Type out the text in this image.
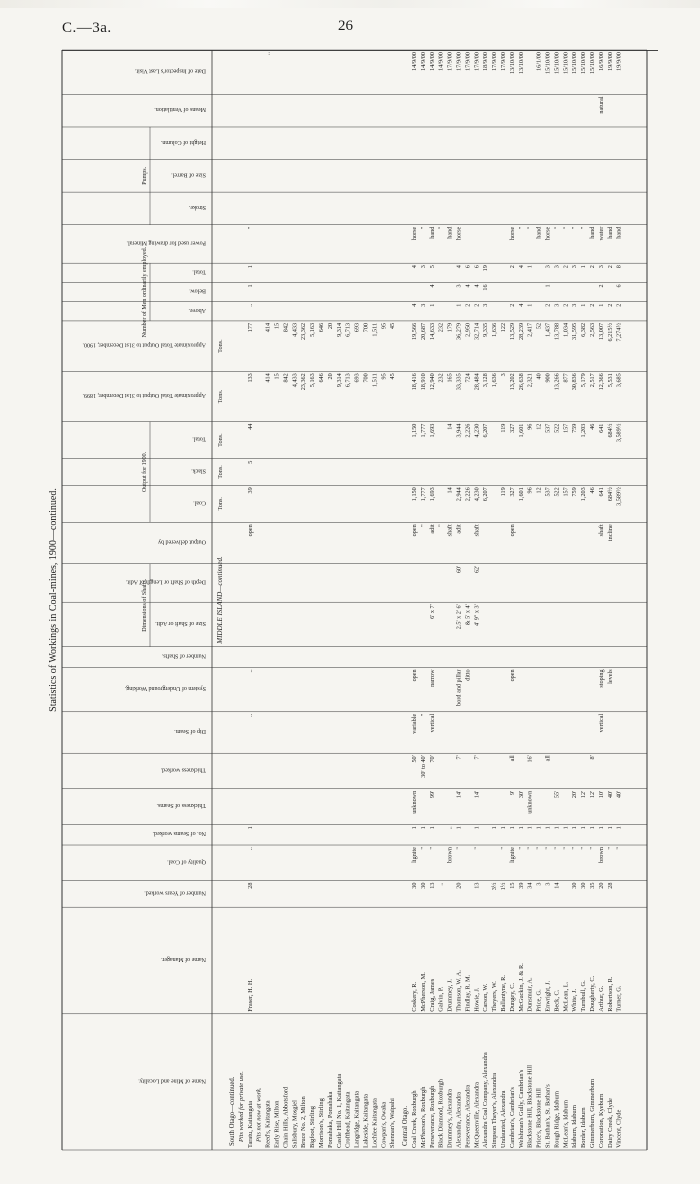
C.—3a.	26
Statistics of Workings in Coal-mines, 1900—continued.
Name of Mine and Locality.
Name of Manager.
Number of Years worked.
Quality of Coal.
No. of Seams worked.
Thickness of Seams.
Thickness worked.
Dip of Seam.
System of Underground Working.
Number of Shafts.
Size of Shaft or Adit.
Depth of Shaft or Length of Adit.
Output delivered by
Coal.
Slack.
Total.
Approximate Total Output to 31st December, 1899.
Approximate Total Output to 31st December, 1900.
Above.
Below.
Total.
Power used for drawing Mineral.
Stroke.
Size of Barrel.
Height of Column.
Means of Ventilation.
Date of Inspector's Last Visit.
Dimensions of Shafts.
Output for 1900.
Number of Men ordinarily employed.
Pumps.
Tons.
Tons.
Tons.
Tons.
Tons.
MIDDLE ISLAND—continued.
South Otago—continued. Pits worked for private use. Taratu, Kaitangata
Fraser, H. H.
28
..
1
..
..
open
39
5
44
133
177
..
1
1
"
Pits not now at work. Reed's, Kaitangata
414
414
..
Early Rise, Milton
15
15
Chain Hills, Abbotsford
842
842
Salisbury, Mosgiel
4,433
4,433
Bruce No. 2, Milton
23,362
23,362
Bigfoot, Stirling
5,163
5,163
Morrison's, Stirling
646
646
Pomahaka, Pomahaka
20
20
Castle Hill No. 1, Kaitangata
9,314
9,314
Croftbead, Kaitangata
6,713
6,713
Langridge, Kaitangata
693
693
Lakeside, Kaitangata
700
700
Lochlee Kaitangata
1,511
1,511
Cowpan's, Owaka
95
95
Shennan's, Waipahi
45
45
Central Otago. Coal Creek, Roxburgh
Coskery, R.
30
lignite
1
unknown
50'
variable
open
open
1,150
1,150
18,416
19,566
4
4
horse
14/9/00
McPherson's, Roxburgh
McPherson, M.
30
"
1
30' to 40'
"
"
1,777
1,777
18,910
20,687
3
3
"
14/9/00
Perseverance, Roxburgh
Craig, James
13
"
1
99'
70'
vertical
narrow
6' x 7'
adit
1,693
1,693
12,940
14,633
1
4
5
hand
14/9/00
Black Diamond, Roxburgh
Galvin, P.
..
"
232
232
"
14/9/00
Drummey's, Alexandra
Drummey, J.
brown
..
shaft
14
14
165
179
hand
17/9/00
Alexandra, Alexandra
Thomson, W. A.
20
"
1
14'
7'
bord and pillar
2.5' x 2' 6'
60'
adit
2,944
3,944
33,335
36,279
1
3
4
horse
17/9/00
Perseverance, Alexandra
Findlay, R. M.
ditto
& 5' x 4'
2,226
2,226
724
2,950
2
4
6
17/9/00
McQueenville, Alexandra
Howie, J.
13
"
1
14'
7'
4' 9" x 3'
62'
shaft
4,230
4,230
28,484
32,714
2
4
6
17/9/00
Alexandra Coal Company, Alexandra
Carson, W.
6,207
6,207
3,128
9,335
3
16
19
18/9/00
Simpson Theyer's, Alexandra
Theyers, W.
3½
1
1,636
1,636
17/9/00
Undaunted, Alexandra
Ballantyne, R.
1½
"
1
119
119
3
122
17/9/00
Cambrian's, Cambrian's
Dungey, C.
15
lignite
1
9'
all
open
open
327
327
13,202
13,529
2
2
horse
13/10/00
Welshman's Gully, Cambrian's
McGuckin, J. & R.
39
"
1
30'
1,601
1,601
26,638
28,239
4
4
"
13/10/00
Blackstone Hill, Blackstone Hill
Dunsmuir, A.
34
"
1
unknown
16'
96
96
2,321
2,417
1
1
"
Price's, Blackstone Hill
Price, G.
3
"
1
12
12
40
52
hand
16/1/00
St. Bathan's, St. Bathan's
Enwright, J.
3
"
1
all
537
537
900
1,437
2
1
3
horse
15/10/00
Rough Ridge, Idaburn
Beck, C.
14
"
1
55'
522
522
13,266
13,788
3
3
"
15/10/00
McLean's, Idaburn
McLean, L.
"
1
157
157
877
1,034
2
2
"
15/10/00
Idaburn, Idaburn
White, J.
30
"
1
20'
759
759
30,836
31,595
3
3
"
15/10/00
Border, Idaburn
Turnbull, G.
30
"
1
12'
1,203
1,203
5,179
6,382
1
1
"
15/10/00
Gimmerburn, Gimmerburn
Dougherty, C.
35
"
1
12'
8'
46
46
2,517
2,563
2
2
hand
15/10/00
Coronation, Kyeburn
Arthur, G.
20
brown
1
10'
vertical
stoping
shaft
641
641
12,366
13,007
1
2
3
water
natural
16/9/00
Dairy Creek, Clyde
Robertson, R.
28
"
1
40'
levels
incline
684½
684½
5,531
6,215½
2
2
hand
19/9/00
Vincent, Clyde
Turner, G.
"
1
40'
3,589½
3,589½
3,685
7,274½
2
6
8
hand
19/9/00
